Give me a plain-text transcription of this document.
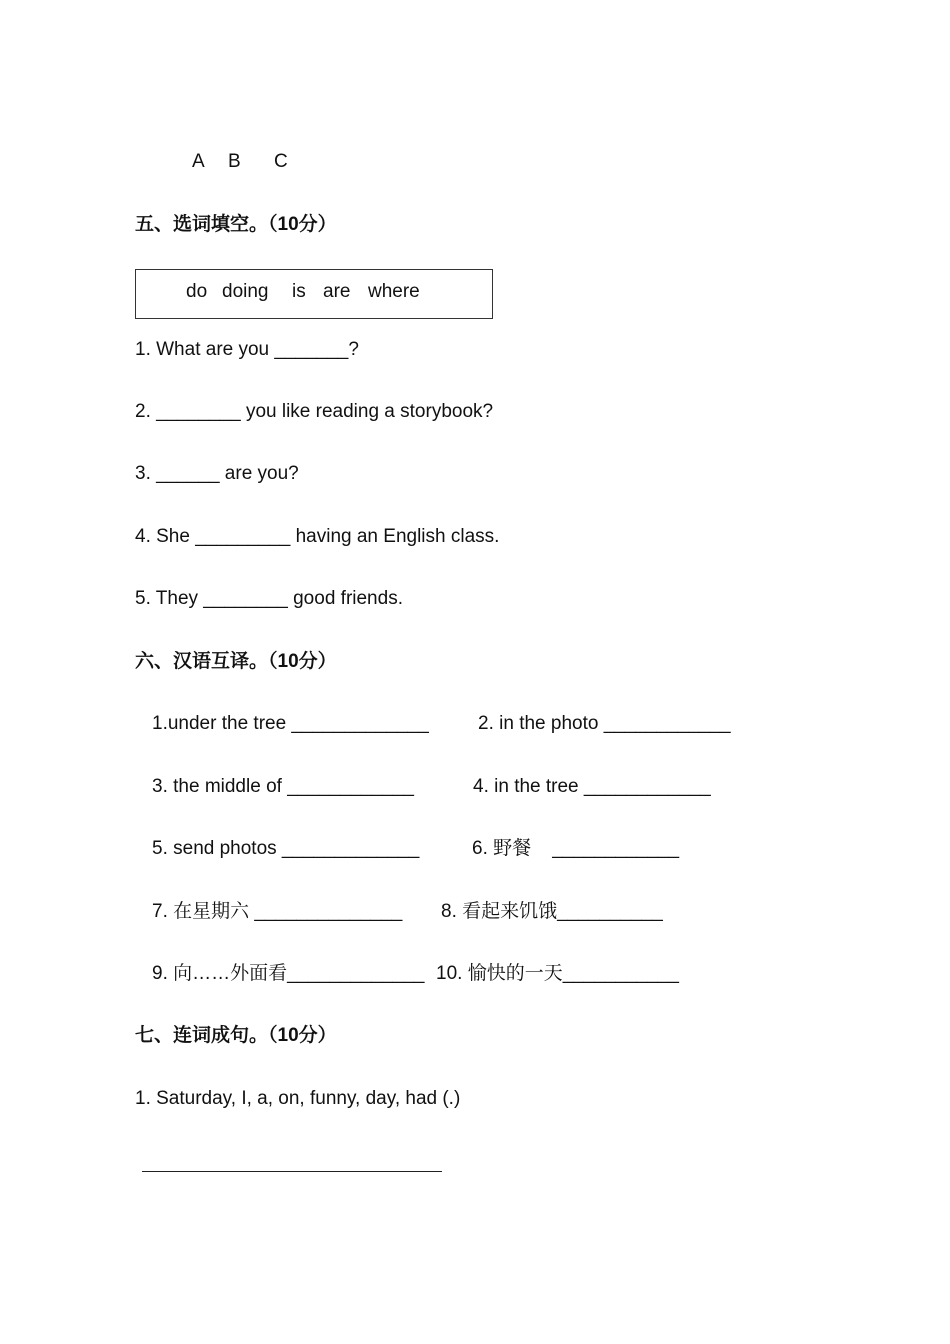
A B C
五、选词填空。（10分）
do doing is are where
1. What are you _______?
2. ________ you like reading a storybook?
3. ______ are you?
4. She _________ having an English class.
5. They ________ good friends.
六、汉语互译。（10分）
1.under the tree _____________	2. in the photo ____________
3. the middle of ____________	4. in the tree ____________
5. send photos _____________	6. 野餐    ____________
7. 在星期六 ______________ 8. 看起来饥饿__________
9. 向……外面看_____________ 10. 愉快的一天___________
七、连词成句。（10分）
1. Saturday, I, a, on, funny, day, had (.)
